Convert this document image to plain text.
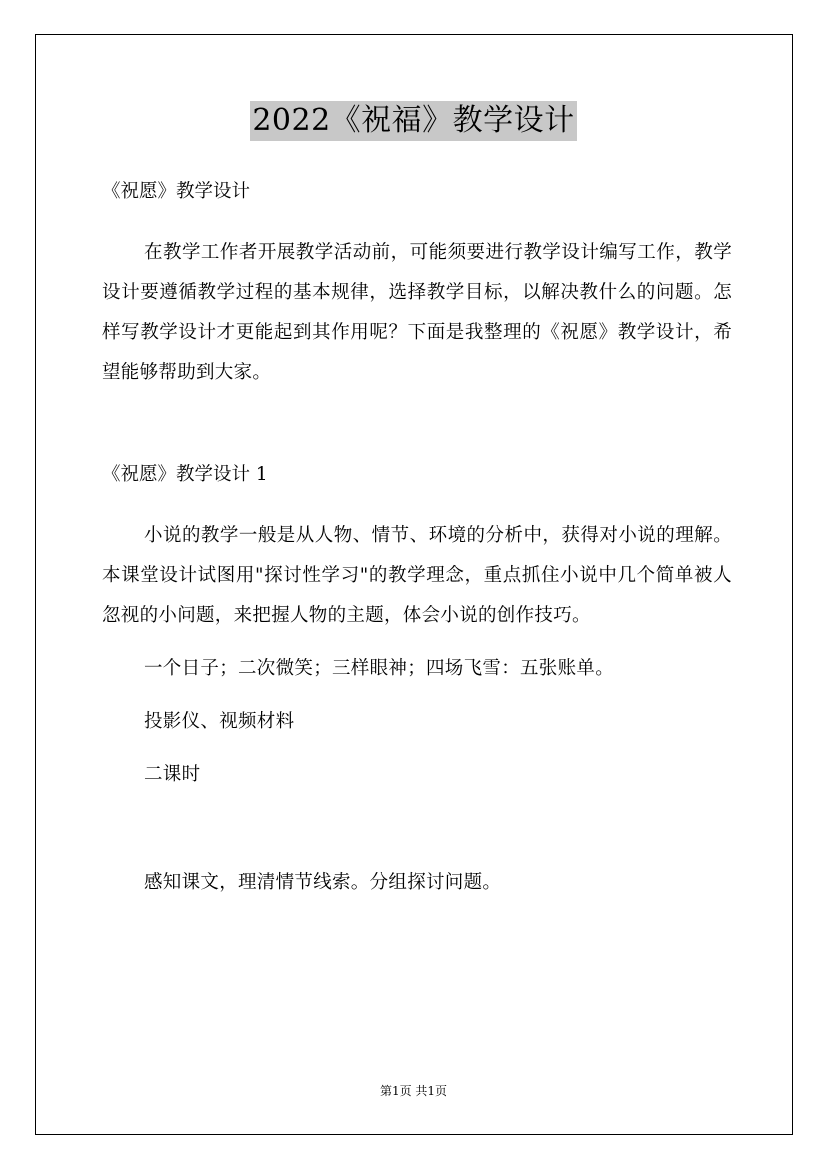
2022《祝福》教学设计

《祝愿》教学设计

在教学工作者开展教学活动前，可能须要进行教学设计编写工作，教学设计要遵循教学过程的基本规律，选择教学目标，以解决教什么的问题。怎样写教学设计才更能起到其作用呢？下面是我整理的《祝愿》教学设计，希望能够帮助到大家。

《祝愿》教学设计 1

小说的教学一般是从人物、情节、环境的分析中，获得对小说的理解。本课堂设计试图用"探讨性学习"的教学理念，重点抓住小说中几个简单被人忽视的小问题，来把握人物的主题，体会小说的创作技巧。

一个日子；二次微笑；三样眼神；四场飞雪：五张账单。

投影仪、视频材料

二课时

感知课文，理清情节线索。分组探讨问题。

第1页 共1页
